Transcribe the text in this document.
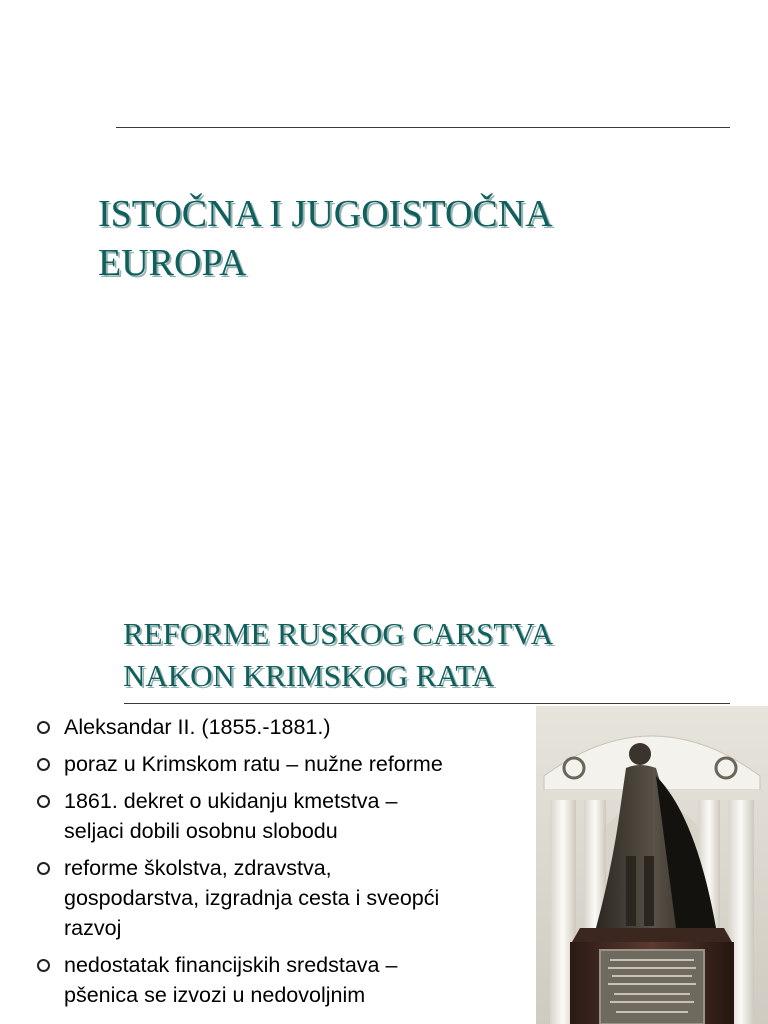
ISTOČNA I JUGOISTOČNA
EUROPA
REFORME RUSKOG CARSTVA
NAKON KRIMSKOG RATA
Aleksandar II. (1855.-1881.)
poraz u Krimskom ratu – nužne reforme
1861. dekret o ukidanju kmetstva –
seljaci dobili osobnu slobodu
reforme školstva, zdravstva,
gospodarstva, izgradnja cesta i sveopći
razvoj
nedostatak financijskih sredstava –
pšenica se izvozi u nedovoljnim
